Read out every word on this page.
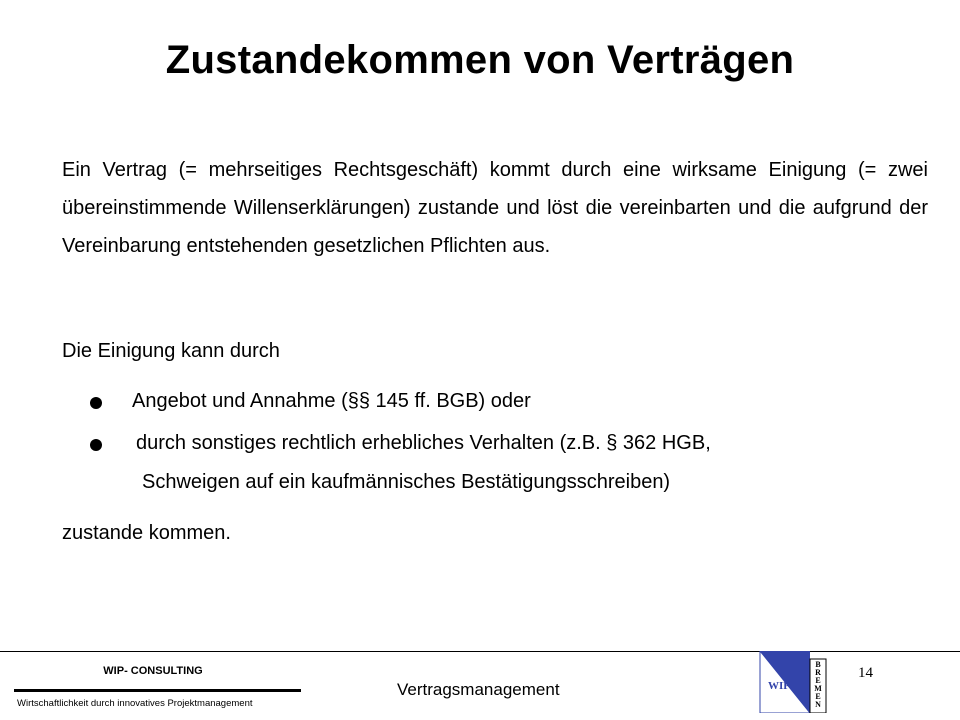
Zustandekommen von Verträgen
Ein Vertrag (= mehrseitiges Rechtsgeschäft) kommt durch eine wirksame Einigung (= zwei übereinstimmende Willenserklärungen) zustande und löst die vereinbarten und die aufgrund der Vereinbarung entstehenden gesetzlichen Pflichten aus.
Die Einigung kann durch
Angebot und Annahme (§§ 145 ff. BGB) oder
durch sonstiges rechtlich erhebliches Verhalten (z.B. § 362 HGB,
Schweigen auf ein kaufmännisches Bestätigungsschreiben)
zustande kommen.
WIP- CONSULTING
Wirtschaftlichkeit durch innovatives Projektmanagement
Vertragsmanagement
14
WIP
B
R
E
M
E
N
